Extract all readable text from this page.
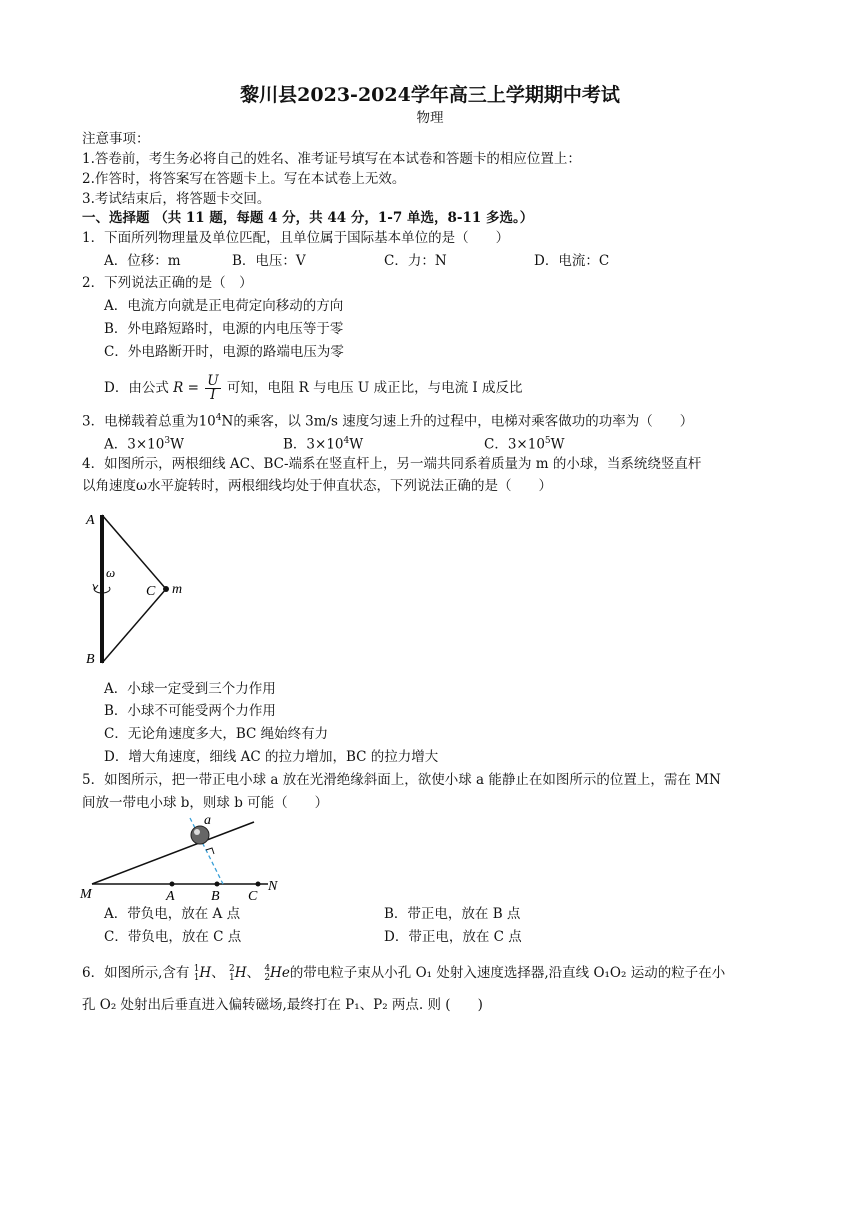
黎川县2023-2024学年高三上学期期中考试
物理
注意事项：
1.答卷前，考生务必将自己的姓名、准考证号填写在本试卷和答题卡的相应位置上：
2.作答时，将答案写在答题卡上。写在本试卷上无效。
3.考试结束后，将答题卡交回。
一、选择题 （共 11 题，每题 4 分，共 44 分，1-7 单选，8-11 多选。）
1．下面所列物理量及单位匹配，且单位属于国际基本单位的是（　　）
A．位移：m	B．电压：V	C．力：N	D．电流：C
2．下列说法正确的是（　）
A．电流方向就是正电荷定向移动的方向
B．外电路短路时，电源的内电压等于零
C．外电路断开时，电源的路端电压为零
D．由公式 $R = \frac{U}{I}$ 可知，电阻 R 与电压 U 成正比，与电流 I 成反比
3．电梯载着总重为$10^4N$的乘客，以 3m/s 速度匀速上升的过程中，电梯对乘客做功的功率为（　　）
A．$3\times 10^3W$	B．$3\times 10^4W$	C．$3\times 10^5W$
4．如图所示，两根细线 AC、BC‐端系在竖直杆上，另一端共同系着质量为 m 的小球，当系统绕竖直杆
以角速度ω水平旋转时，两根细线均处于伸直状态，下列说法正确的是（　　）
A
B
C m
ω
A．小球一定受到三个力作用
B．小球不可能受两个力作用
C．无论角速度多大，BC 绳始终有力
D．增大角速度，细线 AC 的拉力增加，BC 的拉力增大
5．如图所示，把一带正电小球 a 放在光滑绝缘斜面上，欲使小球 a 能静止在如图所示的位置上，需在 MN
间放一带电小球 b，则球 b 可能（　　）
a
M	A	B C
N
A．带负电，放在 A 点	B．带正电，放在 B 点
C．带负电，放在 C 点	D．带正电，放在 C 点
6．如图所示,含有 1
1H、 2
1H、 4
2He的带电粒子束从小孔 O₁ 处射入速度选择器,沿直线 O₁O₂ 运动的粒子在小
孔 O₂ 处射出后垂直进入偏转磁场,最终打在 P₁、P₂ 两点. 则 (　　)
